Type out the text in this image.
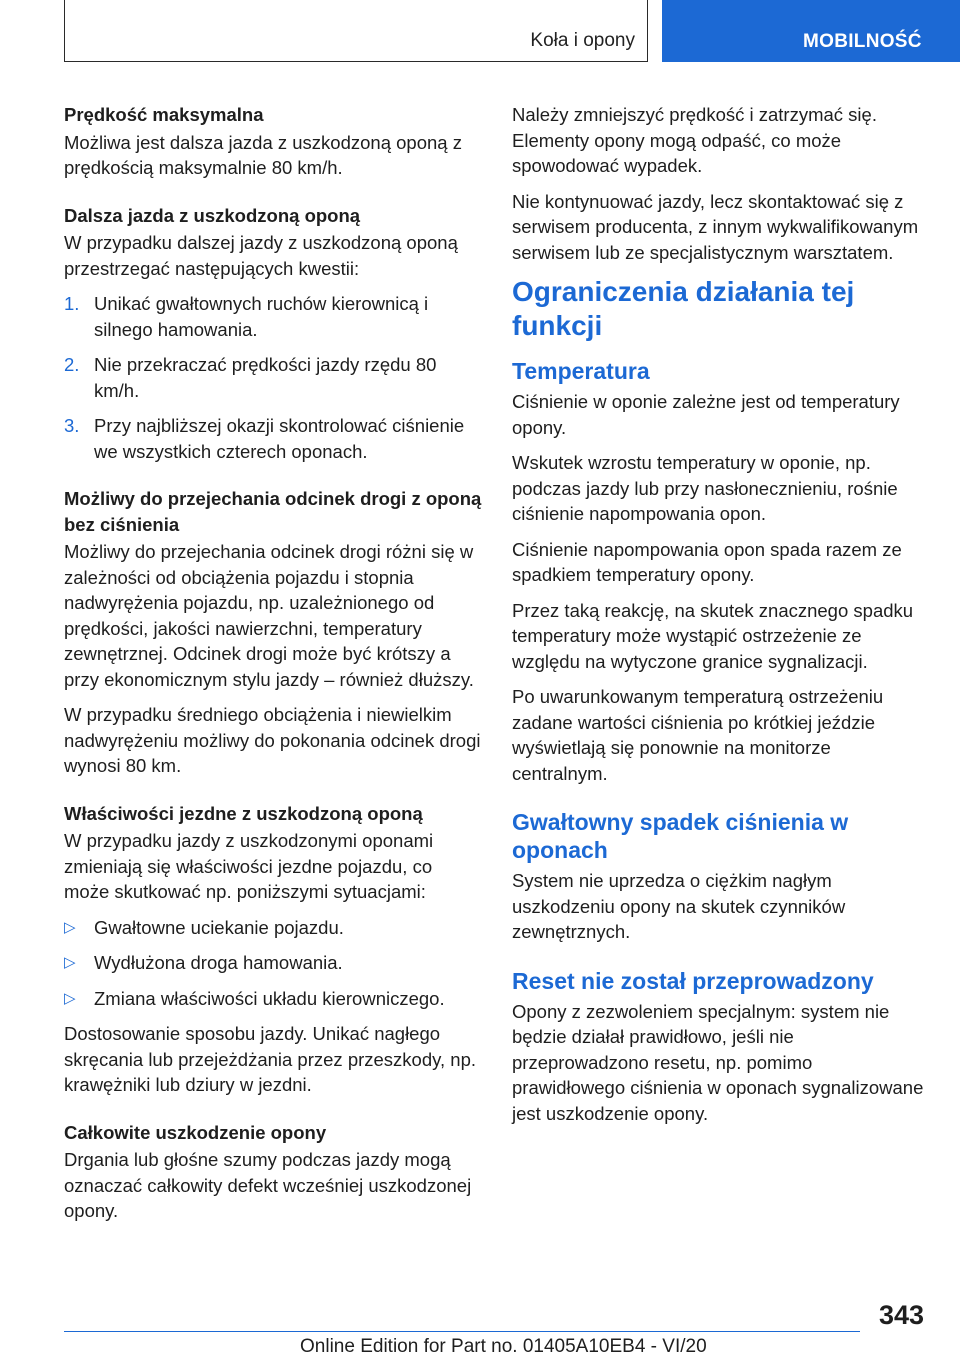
Koła i opony	MOBILNOŚĆ
Prędkość maksymalna

Możliwa jest dalsza jazda z uszkodzoną oponą z prędkością maksymalnie 80 km/h.

Dalsza jazda z uszkodzoną oponą

W przypadku dalszej jazdy z uszkodzoną oponą przestrzegać następujących kwestii:

1. Unikać gwałtownych ruchów kierownicą i silnego hamowania.
2. Nie przekraczać prędkości jazdy rzędu 80 km/h.
3. Przy najbliższej okazji skontrolować ciśnienie we wszystkich czterech oponach.
Możliwy do przejechania odcinek drogi z oponą bez ciśnienia

Możliwy do przejechania odcinek drogi różni się w zależności od obciążenia pojazdu i stopnia nadwyrężenia pojazdu, np. uzależnionego od prędkości, jakości nawierzchni, temperatury zewnętrznej. Odcinek drogi może być krótszy a przy ekonomicznym stylu jazdy – również dłuższy.

W przypadku średniego obciążenia i niewielkim nadwyrężeniu możliwy do pokonania odcinek drogi wynosi 80 km.

Właściwości jezdne z uszkodzoną oponą

W przypadku jazdy z uszkodzonymi oponami zmieniają się właściwości jezdne pojazdu, co może skutkować np. poniższymi sytuacjami:

▷ Gwałtowne uciekanie pojazdu.
▷ Wydłużona droga hamowania.
▷ Zmiana właściwości układu kierowniczego.

Dostosowanie sposobu jazdy. Unikać nagłego skręcania lub przejeżdżania przez przeszkody, np. krawężniki lub dziury w jezdni.

Całkowite uszkodzenie opony

Drgania lub głośne szumy podczas jazdy mogą oznaczać całkowity defekt wcześniej uszkodzonej opony.

Należy zmniejszyć prędkość i zatrzymać się. Elementy opony mogą odpaść, co może spowodować wypadek.

Nie kontynuować jazdy, lecz skontaktować się z serwisem producenta, z innym wykwalifikowanym serwisem lub ze specjalistycznym warsztatem.

Ograniczenia działania tej funkcji
Temperatura

Ciśnienie w oponie zależne jest od temperatury opony.

Wskutek wzrostu temperatury w oponie, np. podczas jazdy lub przy nasłonecznieniu, rośnie ciśnienie napompowania opon.

Ciśnienie napompowania opon spada razem ze spadkiem temperatury opony.

Przez taką reakcję, na skutek znacznego spadku temperatury może wystąpić ostrzeżenie ze względu na wytyczone granice sygnalizacji.

Po uwarunkowanym temperaturą ostrzeżeniu zadane wartości ciśnienia po krótkiej jeździe wyświetlają się ponownie na monitorze centralnym.

Gwałtowny spadek ciśnienia w oponach

System nie uprzedza o ciężkim nagłym uszkodzeniu opony na skutek czynników zewnętrznych.

Reset nie został przeprowadzony

Opony z zezwoleniem specjalnym: system nie będzie działał prawidłowo, jeśli nie przeprowadzono resetu, np. pomimo prawidłowego ciśnienia w oponach sygnalizowane jest uszkodzenie opony.

343
Online Edition for Part no. 01405A10EB4 - VI/20
